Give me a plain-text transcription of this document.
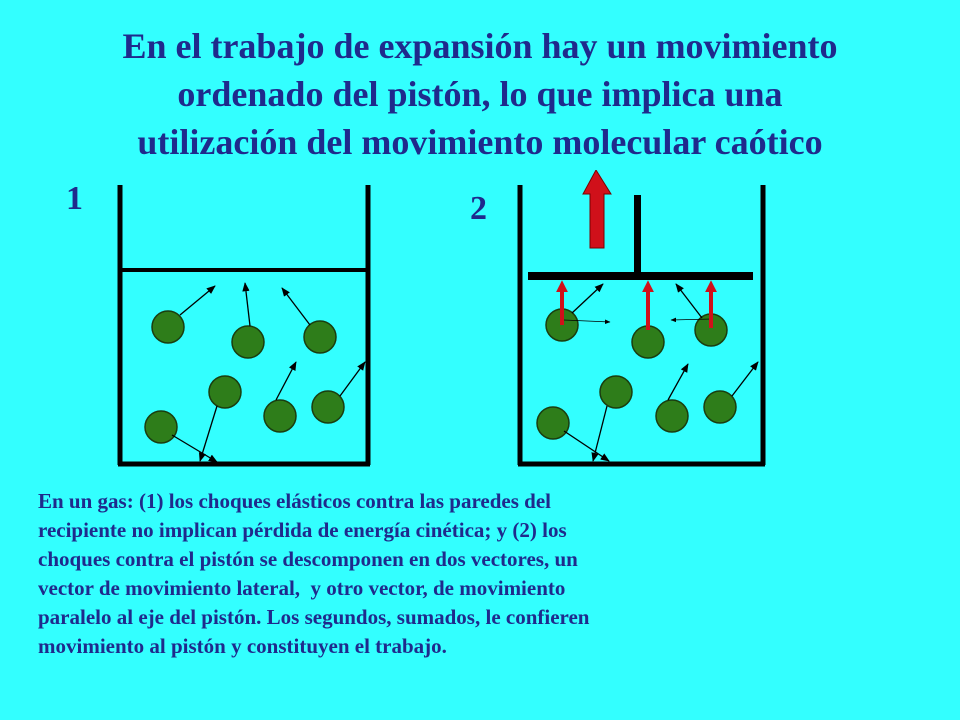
En el trabajo de expansión hay un movimiento
ordenado del pistón, lo que implica una
utilización del movimiento molecular caótico
1	2

En un gas: (1) los choques elásticos contra las paredes del
recipiente no implican pérdida de energía cinética; y (2) los
choques contra el pistón se descomponen en dos vectores, un
vector de movimiento lateral,  y otro vector, de movimiento
paralelo al eje del pistón. Los segundos, sumados, le confieren
movimiento al pistón y constituyen el trabajo.
